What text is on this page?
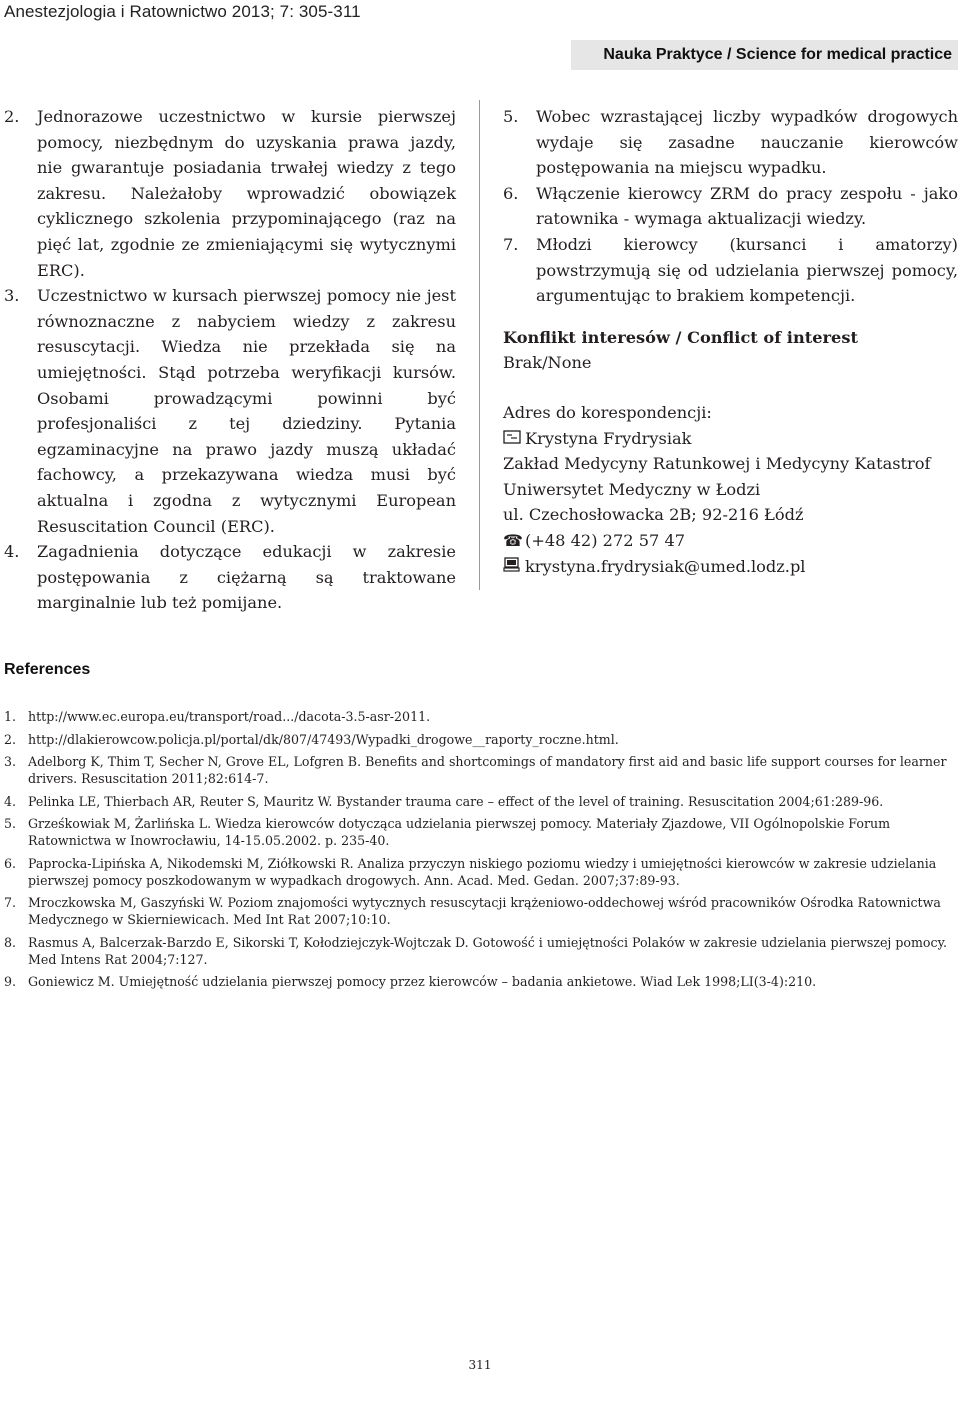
Anestezjologia i Ratownictwo 2013; 7: 305-311
Nauka Praktyce / Science for medical practice
2. Jednorazowe uczestnictwo w kursie pierwszej pomocy, niezbędnym do uzyskania prawa jazdy, nie gwarantuje posiadania trwałej wiedzy z tego zakresu. Należałoby wprowadzić obowiązek cyklicznego szkolenia przypominającego (raz na pięć lat, zgodnie ze zmieniającymi się wytycznymi ERC).
3. Uczestnictwo w kursach pierwszej pomocy nie jest równoznaczne z nabyciem wiedzy z zakresu resuscytacji. Wiedza nie przekłada się na umiejętności. Stąd potrzeba weryfikacji kursów. Osobami prowadzącymi powinni być profesjonaliści z tej dziedziny. Pytania egzaminacyjne na prawo jazdy muszą układać fachowcy, a przekazywana wiedza musi być aktualna i zgodna z wytycznymi European Resuscitation Council (ERC).
4. Zagadnienia dotyczące edukacji w zakresie postępowania z ciężarną są traktowane marginalnie lub też pomijane.
5. Wobec wzrastającej liczby wypadków drogowych wydaje się zasadne nauczanie kierowców postępowania na miejscu wypadku.
6. Włączenie kierowcy ZRM do pracy zespołu - jako ratownika - wymaga aktualizacji wiedzy.
7. Młodzi kierowcy (kursanci i amatorzy) powstrzymują się od udzielania pierwszej pomocy, argumentując to brakiem kompetencji.
Konflikt interesów / Conflict of interest
Brak/None
Adres do korespondencji:
Krystyna Frydrysiak
Zakład Medycyny Ratunkowej i Medycyny Katastrof
Uniwersytet Medyczny w Łodzi
ul. Czechosłowacka 2B; 92-216 Łódź
☎ (+48 42) 272 57 47
krystyna.frydrysiak@umed.lodz.pl
References
1. http://www.ec.europa.eu/transport/road.../dacota-3.5-asr-2011.
2. http://dlakierowcow.policja.pl/portal/dk/807/47493/Wypadki_drogowe__raporty_roczne.html.
3. Adelborg K, Thim T, Secher N, Grove EL, Lofgren B. Benefits and shortcomings of mandatory first aid and basic life support courses for learner drivers. Resuscitation 2011;82:614-7.
4. Pelinka LE, Thierbach AR, Reuter S, Mauritz W. Bystander trauma care – effect of the level of training. Resuscitation 2004;61:289-96.
5. Grześkowiak M, Żarlińska L. Wiedza kierowców dotycząca udzielania pierwszej pomocy. Materiały Zjazdowe, VII Ogólnopolskie Forum Ratownictwa w Inowrocławiu, 14-15.05.2002. p. 235-40.
6. Paprocka-Lipińska A, Nikodemski M, Ziółkowski R. Analiza przyczyn niskiego poziomu wiedzy i umiejętności kierowców w zakresie udzielania pierwszej pomocy poszkodowanym w wypadkach drogowych. Ann. Acad. Med. Gedan. 2007;37:89-93.
7. Mroczkowska M, Gaszyński W. Poziom znajomości wytycznych resuscytacji krążeniowo-oddechowej wśród pracowników Ośrodka Ratownictwa Medycznego w Skierniewicach. Med Int Rat 2007;10:10.
8. Rasmus A, Balcerzak-Barzdo E, Sikorski T, Kołodziejczyk-Wojtczak D. Gotowość i umiejętności Polaków w zakresie udzielania pierwszej pomocy. Med Intens Rat 2004;7:127.
9. Goniewicz M. Umiejętność udzielania pierwszej pomocy przez kierowców – badania ankietowe. Wiad Lek 1998;LI(3-4):210.
311
